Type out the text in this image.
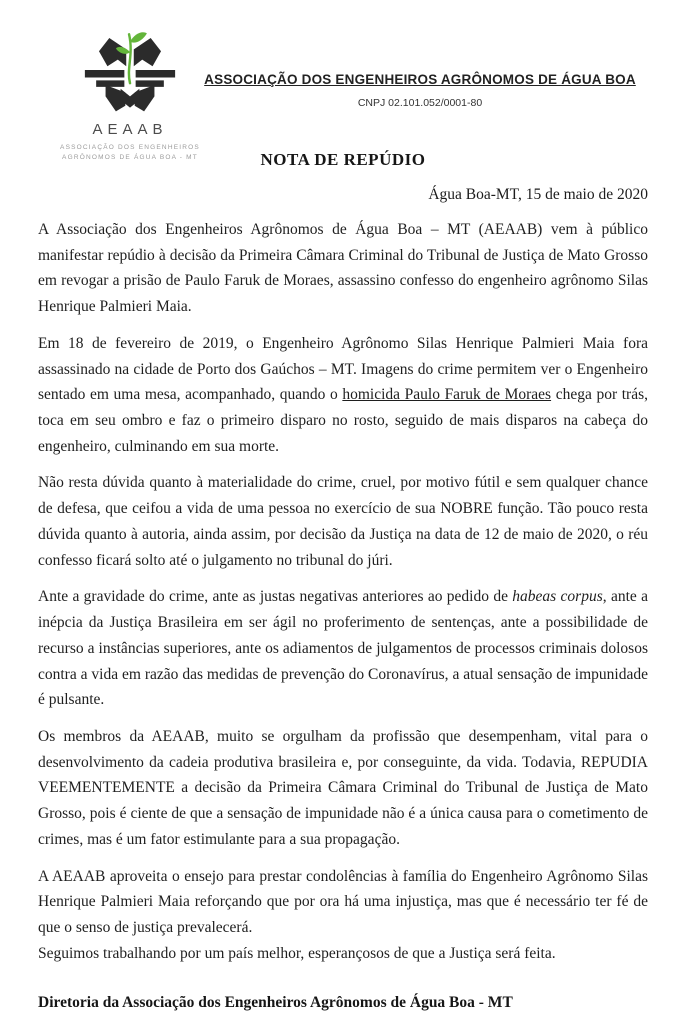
AEAAB
ASSOCIAÇÃO DOS ENGENHEIROS
AGRÔNOMOS DE ÁGUA BOA - MT
ASSOCIAÇÃO DOS ENGENHEIROS AGRÔNOMOS DE ÁGUA BOA
CNPJ 02.101.052/0001-80
NOTA DE REPÚDIO
Água Boa-MT, 15 de maio de 2020

A Associação dos Engenheiros Agrônomos de Água Boa – MT (AEAAB) vem à público manifestar repúdio à decisão da Primeira Câmara Criminal do Tribunal de Justiça de Mato Grosso em revogar a prisão de Paulo Faruk de Moraes, assassino confesso do engenheiro agrônomo Silas Henrique Palmieri Maia.

Em 18 de fevereiro de 2019, o Engenheiro Agrônomo Silas Henrique Palmieri Maia fora assassinado na cidade de Porto dos Gaúchos – MT. Imagens do crime permitem ver o Engenheiro sentado em uma mesa, acompanhado, quando o homicida Paulo Faruk de Moraes chega por trás, toca em seu ombro e faz o primeiro disparo no rosto, seguido de mais disparos na cabeça do engenheiro, culminando em sua morte.

Não resta dúvida quanto à materialidade do crime, cruel, por motivo fútil e sem qualquer chance de defesa, que ceifou a vida de uma pessoa no exercício de sua NOBRE função. Tão pouco resta dúvida quanto à autoria, ainda assim, por decisão da Justiça na data de 12 de maio de 2020, o réu confesso ficará solto até o julgamento no tribunal do júri.

Ante a gravidade do crime, ante as justas negativas anteriores ao pedido de habeas corpus, ante a inépcia da Justiça Brasileira em ser ágil no proferimento de sentenças, ante a possibilidade de recurso a instâncias superiores, ante os adiamentos de julgamentos de processos criminais dolosos contra a vida em razão das medidas de prevenção do Coronavírus, a atual sensação de impunidade é pulsante.

Os membros da AEAAB, muito se orgulham da profissão que desempenham, vital para o desenvolvimento da cadeia produtiva brasileira e, por conseguinte, da vida. Todavia, REPUDIA VEEMENTEMENTE a decisão da Primeira Câmara Criminal do Tribunal de Justiça de Mato Grosso, pois é ciente de que a sensação de impunidade não é a única causa para o cometimento de crimes, mas é um fator estimulante para a sua propagação.

A AEAAB aproveita o ensejo para prestar condolências à família do Engenheiro Agrônomo Silas Henrique Palmieri Maia reforçando que por ora há uma injustiça, mas que é necessário ter fé de que o senso de justiça prevalecerá.

Seguimos trabalhando por um país melhor, esperançosos de que a Justiça será feita.

Diretoria da Associação dos Engenheiros Agrônomos de Água Boa - MT
